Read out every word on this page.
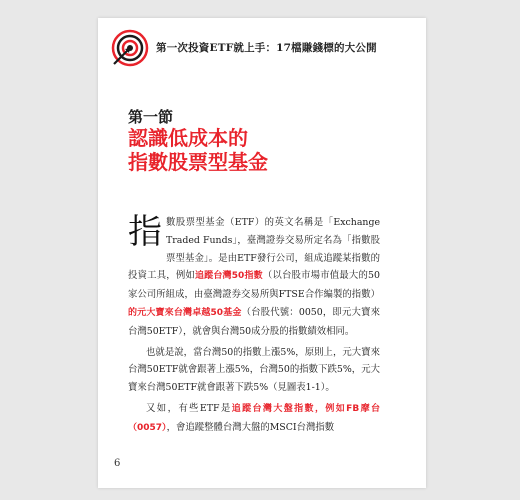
第一次投資ETF就上手：17檔賺錢標的大公開
第一節
認識低成本的
指數股票型基金

指數股票型基金（ETF）的英文名稱是「Exchange Traded Funds」，臺灣證券交易所定名為「指數股票型基金」。是由ETF發行公司，組成追蹤某指數的投資工具，例如追蹤台灣50指數（以台股市場市值最大的50家公司所組成，由臺灣證券交易所與FTSE合作編製的指數）的元大寶來台灣卓越50基金（台股代號：0050，即元大寶來台灣50ETF），就會與台灣50成分股的指數績效相同。

也就是說，當台灣50的指數上漲5%，原則上，元大寶來台灣50ETF就會跟著上漲5%，台灣50的指數下跌5%，元大寶來台灣50ETF就會跟著下跌5%（見圖表1-1）。

又如，有些ETF是追蹤台灣大盤指數，例如FB摩台（0057），會追蹤整體台灣大盤的MSCI台灣指數

6
